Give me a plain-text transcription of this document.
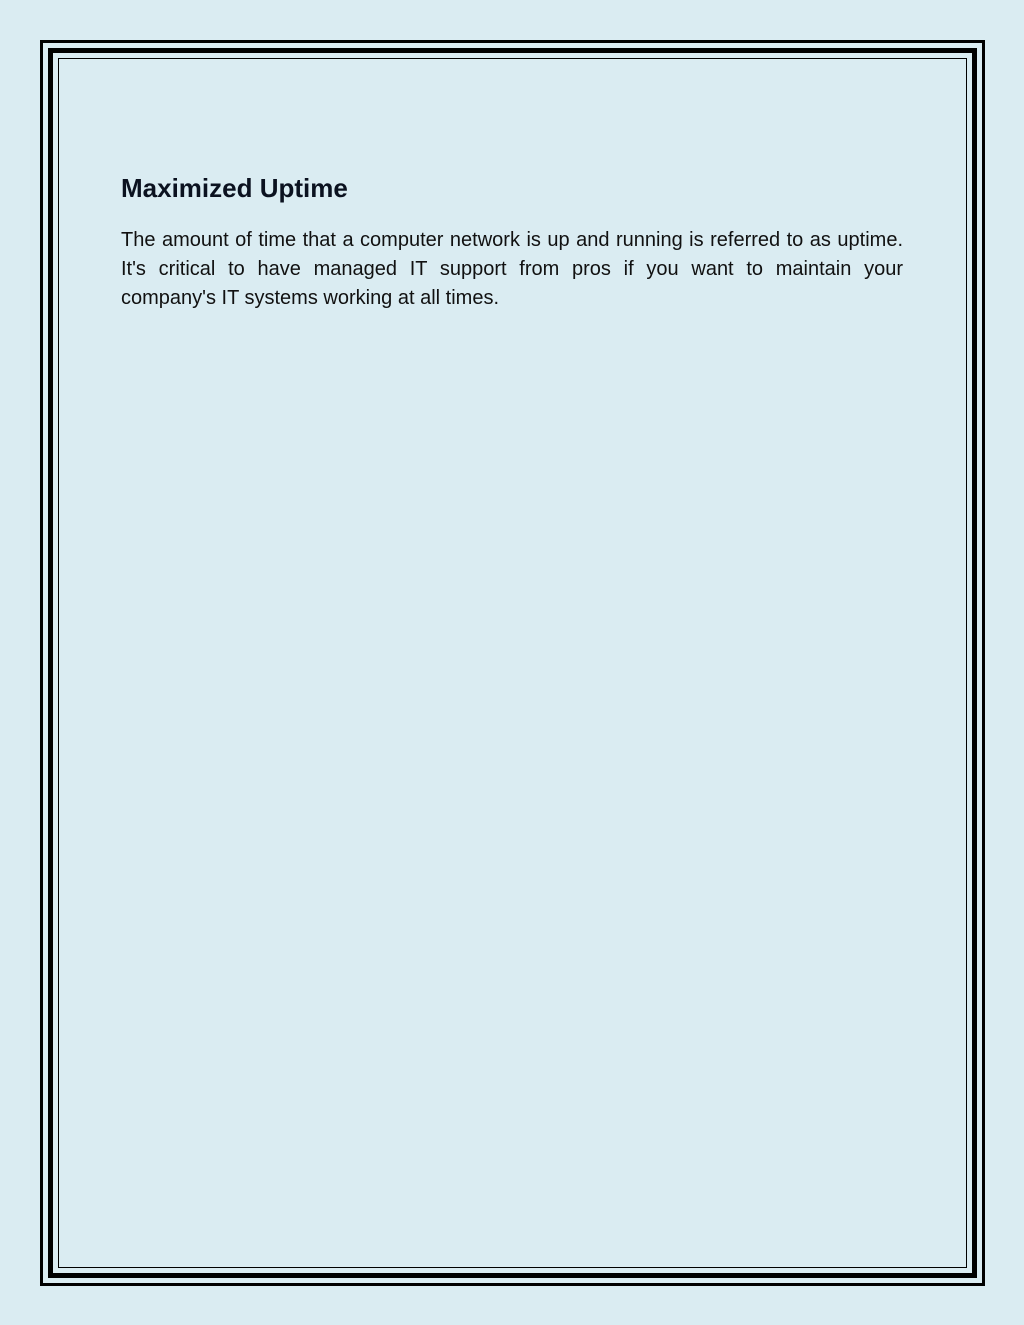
Maximized Uptime

The amount of time that a computer network is up and running is referred to as uptime. It's critical to have managed IT support from pros if you want to maintain your company's IT systems working at all times.
